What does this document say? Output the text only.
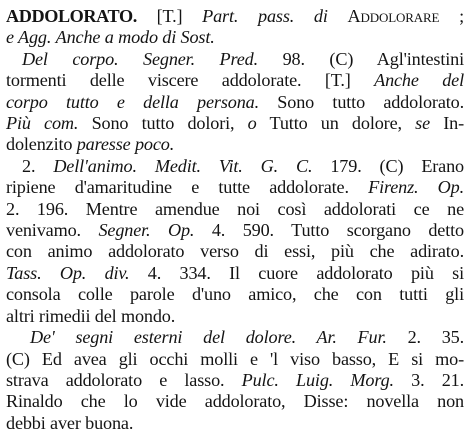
ADDOLORATO. [T.] Part. pass. di Addolorare ;
e Agg. Anche a modo di Sost.
Del corpo. Segner. Pred. 98. (C) Agl'intestini
tormenti delle viscere addolorate. [T.] Anche del
corpo tutto e della persona. Sono tutto addolorato.
Più com. Sono tutto dolori, o Tutto un dolore, se In-
dolenzito paresse poco.
2. Dell'animo. Medit. Vit. G. C. 179. (C) Erano
ripiene d'amaritudine e tutte addolorate. Firenz. Op.
2. 196. Mentre amendue noi così addolorati ce ne
venivamo. Segner. Op. 4. 590. Tutto scorgano detto
con animo addolorato verso di essi, più che adirato.
Tass. Op. div. 4. 334. Il cuore addolorato più si
consola colle parole d'uno amico, che con tutti gli
altri rimedii del mondo.
De' segni esterni del dolore. Ar. Fur. 2. 35.
(C) Ed avea gli occhi molli e 'l viso basso, E si mo-
strava addolorato e lasso. Pulc. Luig. Morg. 3. 21.
Rinaldo che lo vide addolorato, Disse: novella non
debbi aver buona.
